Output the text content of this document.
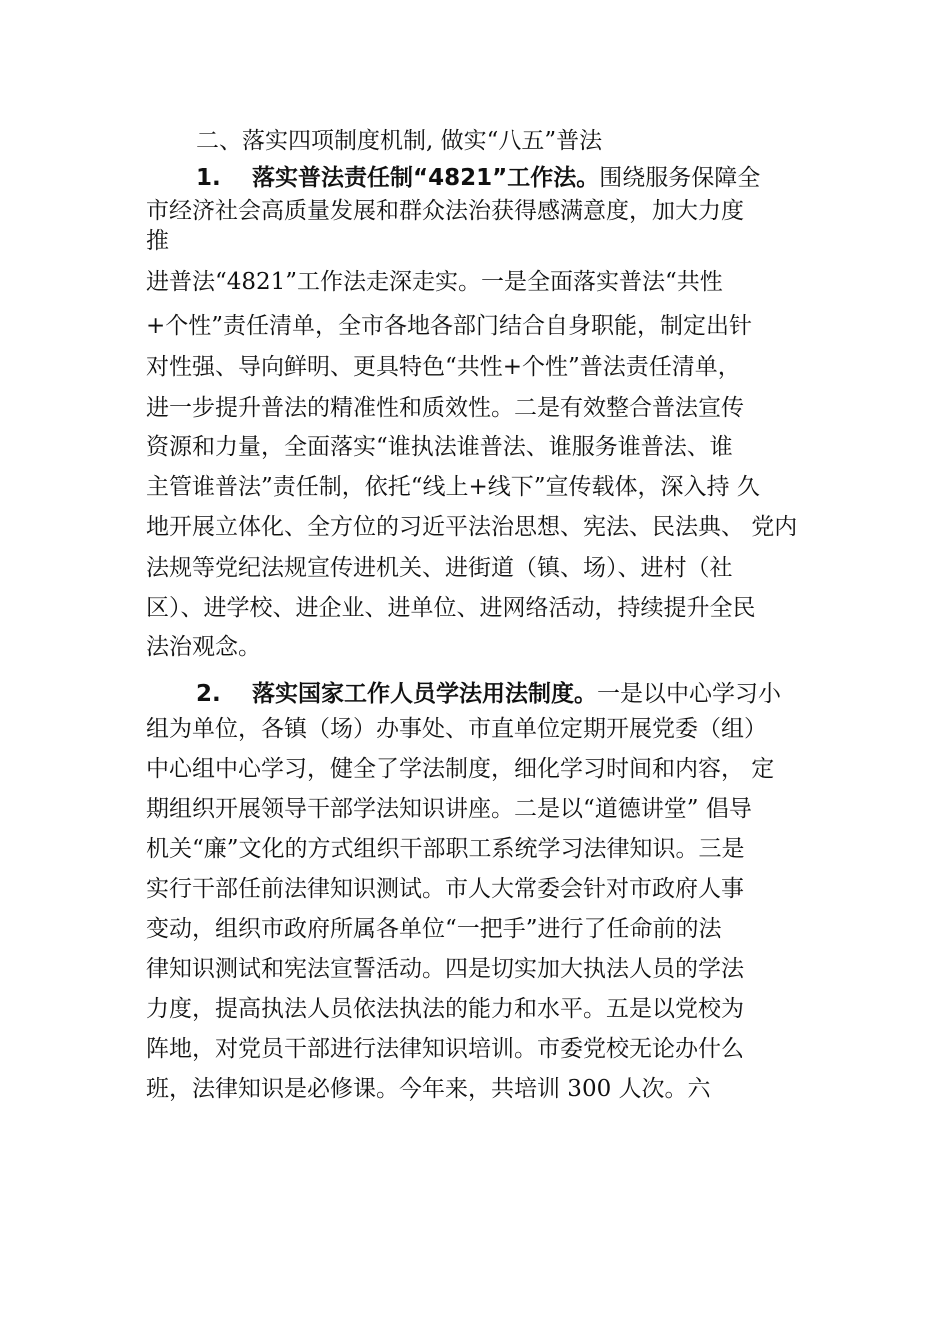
二、落实四项制度机制, 做实“八五”普法
1. 落实普法责任制“4821”工作法。围绕服务保障全
市经济社会高质量发展和群众法治获得感满意度，加大力度
推
进普法“4821”工作法走深走实。一是全面落实普法“共性
+个性”责任清单，全市各地各部门结合自身职能，制定出针
对性强、导向鲜明、更具特色“共性+个性”普法责任清单，
进一步提升普法的精准性和质效性。二是有效整合普法宣传
资源和力量，全面落实“谁执法谁普法、谁服务谁普法、谁
主管谁普法”责任制，依托“线上+线下”宣传载体，深入持 久
地开展立体化、全方位的习近平法治思想、宪法、民法典、 党内
法规等党纪法规宣传进机关、进街道（镇、场）、进村（社
区）、进学校、进企业、进单位、进网络活动，持续提升全民
法治观念。
2. 落实国家工作人员学法用法制度。一是以中心学习小
组为单位，各镇（场）办事处、市直单位定期开展党委（组）
中心组中心学习，健全了学法制度，细化学习时间和内容， 定
期组织开展领导干部学法知识讲座。二是以“道德讲堂” 倡导
机关“廉”文化的方式组织干部职工系统学习法律知识。三是
实行干部任前法律知识测试。市人大常委会针对市政府人事
变动，组织市政府所属各单位“一把手”进行了任命前的法
律知识测试和宪法宣誓活动。四是切实加大执法人员的学法
力度，提高执法人员依法执法的能力和水平。五是以党校为
阵地，对党员干部进行法律知识培训。市委党校无论办什么
班，法律知识是必修课。今年来，共培训 300 人次。六
